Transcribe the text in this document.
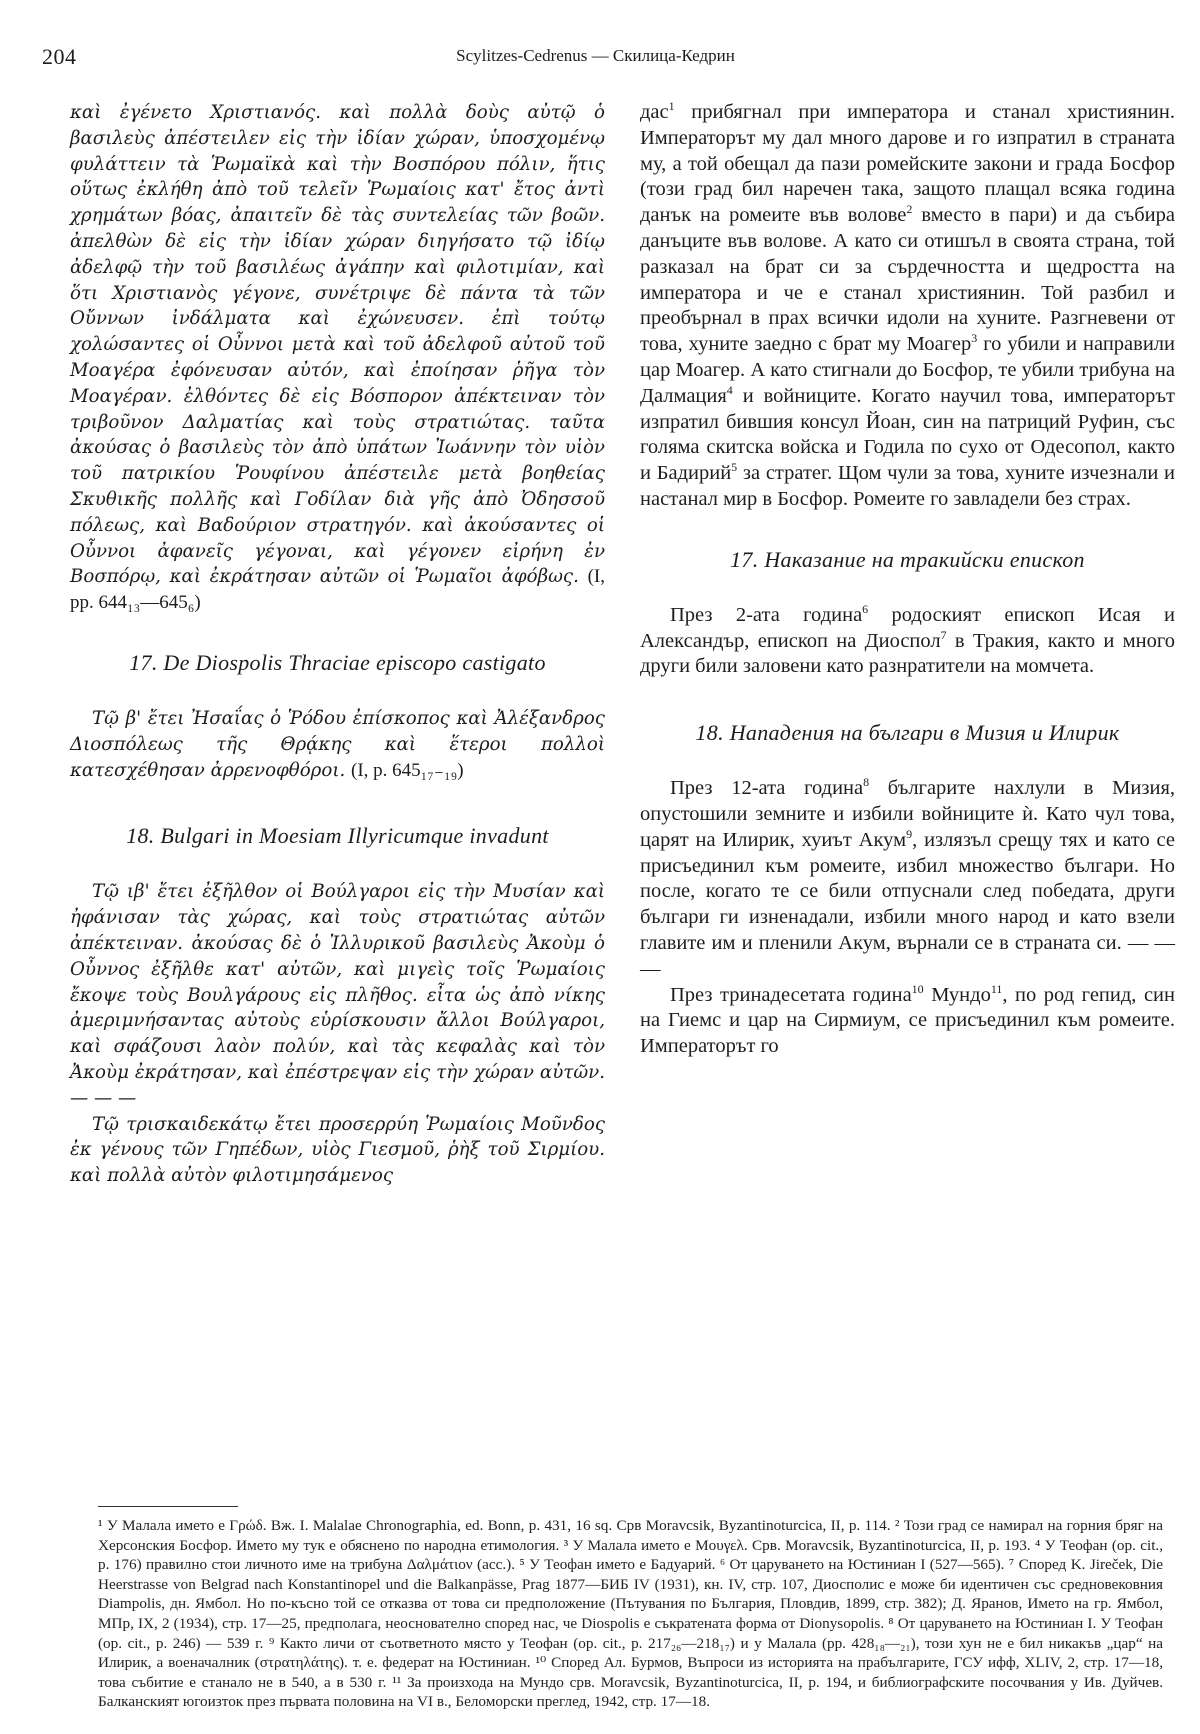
204	Scylitzes-Cedrenus — Скилица-Кедрин

καὶ ἐγένετο Χριστιανός. καὶ πολλὰ δοὺς αὐτῷ ὁ βασιλεὺς ἀπέστειλεν εἰς τὴν ἰδίαν χώραν, ὑποσχομένῳ φυλάττειν τὰ Ῥωμαϊκὰ καὶ τὴν Βοσπόρου πόλιν, ἥτις οὕτως ἐκλήθη ἀπὸ τοῦ τελεῖν Ῥωμαίοις κατ' ἔτος ἀντὶ χρημάτων βόας, ἀπαιτεῖν δὲ τὰς συντελείας τῶν βοῶν. ἀπελθὼν δὲ εἰς τὴν ἰδίαν χώραν διηγήσατο τῷ ἰδίῳ ἀδελφῷ τὴν τοῦ βασιλέως ἀγάπην καὶ φιλοτιμίαν, καὶ ὅτι Χριστιανὸς γέγονε, συνέτριψε δὲ πάντα τὰ τῶν Οὔννων ἰνδάλματα καὶ ἐχώνευσεν. ἐπὶ τούτῳ χολώσαντες οἱ Οὖννοι μετὰ καὶ τοῦ ἀδελφοῦ αὐτοῦ τοῦ Μοαγέρα ἐφόνευσαν αὐτόν, καὶ ἐποίησαν ῥῆγα τὸν Μοαγέραν. ἐλθόντες δὲ εἰς Βόσπορον ἀπέκτειναν τὸν τριβοῦνον Δαλματίας καὶ τοὺς στρατιώτας. ταῦτα ἀκούσας ὁ βασιλεὺς τὸν ἀπὸ ὑπάτων Ἰωάννην τὸν υἱὸν τοῦ πατρικίου Ῥουφίνου ἀπέστειλε μετὰ βοηθείας Σκυθικῆς πολλῆς καὶ Γοδίλαν διὰ γῆς ἀπὸ Ὀδησσοῦ πόλεως, καὶ Βαδούριον στρατηγόν. καὶ ἀκούσαντες οἱ Οὖννοι ἀφανεῖς γέγοναι, καὶ γέγονεν εἰρήνη ἐν Βοσπόρῳ, καὶ ἐκράτησαν αὐτῶν οἱ Ῥωμαῖοι ἀφόβως. (I, pp. 644₁₃—645₆)

17. De Diospolis Thraciae episcopo castigato

Τῷ β' ἔτει Ἠσαΐας ὁ Ῥόδου ἐπίσκοπος καὶ Ἀλέξανδρος Διοσπόλεως τῆς Θρᾴκης καὶ ἕτεροι πολλοὶ κατεσχέθησαν ἀρρενοφθόροι. (I, p. 645₁₇₋₁₉)

18. Bulgari in Moesiam Illyricumque invadunt

Τῷ ιβ' ἔτει ἐξῆλθον οἱ Βούλγαροι εἰς τὴν Μυσίαν καὶ ἠφάνισαν τὰς χώρας, καὶ τοὺς στρατιώτας αὐτῶν ἀπέκτειναν. ἀκούσας δὲ ὁ Ἰλλυρικοῦ βασιλεὺς Ἀκοὺμ ὁ Οὖννος ἐξῆλθε κατ' αὐτῶν, καὶ μιγεὶς τοῖς Ῥωμαίοις ἔκοψε τοὺς Βουλγάρους εἰς πλῆθος. εἶτα ὡς ἀπὸ νίκης ἀμεριμνήσαντας αὐτοὺς εὑρίσκουσιν ἄλλοι Βούλγαροι, καὶ σφάζουσι λαὸν πολύν, καὶ τὰς κεφαλὰς καὶ τὸν Ἀκοὺμ ἐκράτησαν, καὶ ἐπέστρεψαν εἰς τὴν χώραν αὐτῶν. — — —

Τῷ τρισκαιδεκάτῳ ἔτει προσερρύη Ῥωμαίοις Μοῦνδος ἐκ γένους τῶν Γηπέδων, υἱὸς Γιεσμοῦ, ῥὴξ τοῦ Σιρμίου. καὶ πολλὰ αὐτὸν φιλοτιμησάμενος

дас$^1$ прибягнал при императора и станал християнин. Императорът му дал много дарове и го изпратил в страната му, а той обещал да пази ромейските закони и града Босфор (този град бил наречен така, защото плащал всяка година данък на ромеите във волове$^2$ вместо в пари) и да събира данъците във волове. А като си отишъл в своята страна, той разказал на брат си за сърдечността и щедростта на императора и че е станал християнин. Той разбил и преобърнал в прах всички идоли на хуните. Разгневени от това, хуните заедно с брат му Моагер$^3$ го убили и направили цар Моагер. А като стигнали до Босфор, те убили трибуна на Далмация$^4$ и войниците. Когато научил това, императорът изпратил бившия консул Йоан, син на патриций Руфин, със голяма скитска войска и Годила по сухо от Одесопол, както и Бадирий$^5$ за стратег. Щом чули за това, хуните изчезнали и настанал мир в Босфор. Ромеите го завладели без страх.

17. Наказание на тракийски епископ

През 2-ата година$^6$ родоският епископ Исая и Александър, епископ на Диоспол$^7$ в Тракия, както и много други били заловени като разнратители на момчета.

18. Нападения на българи в Мизия и Илирик

През 12-ата година$^8$ българите нахлули в Мизия, опустошили земните и избили войниците ѝ. Като чул това, царят на Илирик, хуиът Акум$^9$, излязъл срещу тях и като се присъединил към ромеите, избил множество българи. Но после, когато те се били отпуснали след победата, други българи ги изненадали, избили много народ и като взели главите им и пленили Акум, върнали се в страната си. — — —

През тринадесетата година$^{10}$ Мундо$^{11}$, по род гепид, син на Гиемс и цар на Сирмиум, се присъединил към ромеите. Императорът го

¹ У Малала името е Γρώδ. Вж. I. Malalae Chronographia, ed. Bonn, p. 431, 16 sq. Срв Moravcsik, Byzantinoturcica, II, p. 114. ² Този град се намирал на горния бряг на Херсонския Босфор. Името му тук е обяснено по народна етимология. ³ У Малала името е Μουγελ. Срв. Moravcsik, Byzantinoturcica, II, p. 193. ⁴ У Теофан (op. cit., p. 176) правилно стои личното име на трибуна Δαλμάτιον (acc.). ⁵ У Теофан името е Бадуарий. ⁶ От царуването на Юстиниан I (527—565). ⁷ Според K. Jireček, Die Heerstrasse von Belgrad nach Konstantinopel und die Balkanpässe, Prag 1877—БИБ IV (1931), кн. IV, стр. 107, Диосполис е може би идентичен със средновековния Diampolis, дн. Ямбол. Но по-късно той се отказва от това си предположение (Пътувания по България, Пловдив, 1899, стр. 382); Д. Яранов, Името на гр. Ямбол, МПр, IX, 2 (1934), стр. 17—25, предполага, неоснователно според нас, че Diospolis е съкратената форма от Dionysopolis. ⁸ От царуването на Юстиниан I. У Теофан (op. cit., p. 246) — 539 г. ⁹ Както личи от съответното място у Теофан (op. cit., p. 217₂₆—218₁₇) и у Малала (pp. 428₁₈—₂₁), този хун не е бил никакъв „цар“ на Илирик, а военачалник (στρατηλάτης). т. е. федерат на Юстиниан. ¹⁰ Според Ал. Бурмов, Въпроси из историята на прабългарите, ГСУ ифф, XLIV, 2, стр. 17—18, това събитие е станало не в 540, а в 530 г. ¹¹ За произхода на Мундо срв. Moravcsik, Byzantinoturcica, II, p. 194, и библиографските посочвания у Ив. Дуйчев. Балканският югоизток през първата половина на VI в., Беломорски преглед, 1942, стр. 17—18.
